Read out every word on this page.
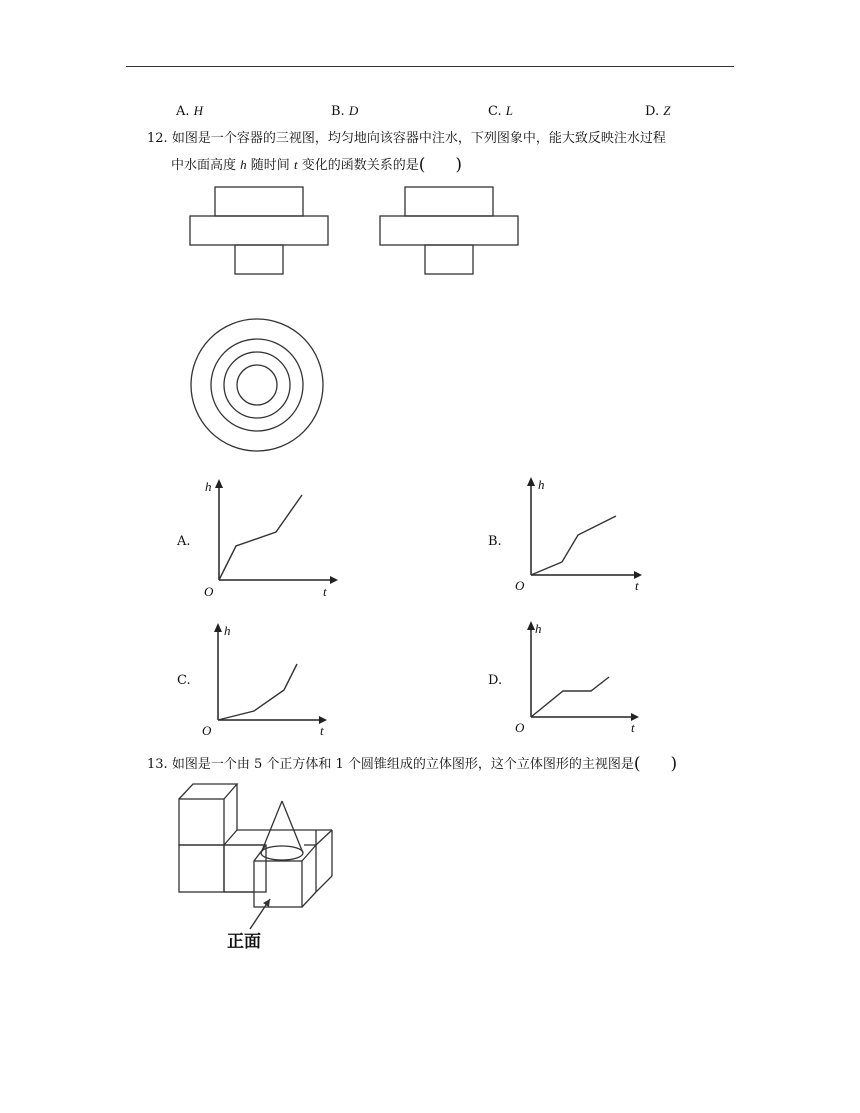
A. H	B. D	C. L	D. Z
12. 如图是一个容器的三视图，均匀地向该容器中注水，下列图象中，能大致反映注水过程
中水面高度 h 随时间 t 变化的函数关系的是( )
A.	B.
C.	D.
h
t
O
h
t
O
h
t
O
h
t
O
13. 如图是一个由 5 个正方体和 1 个圆锥组成的立体图形，这个立体图形的主视图是( )
正面
